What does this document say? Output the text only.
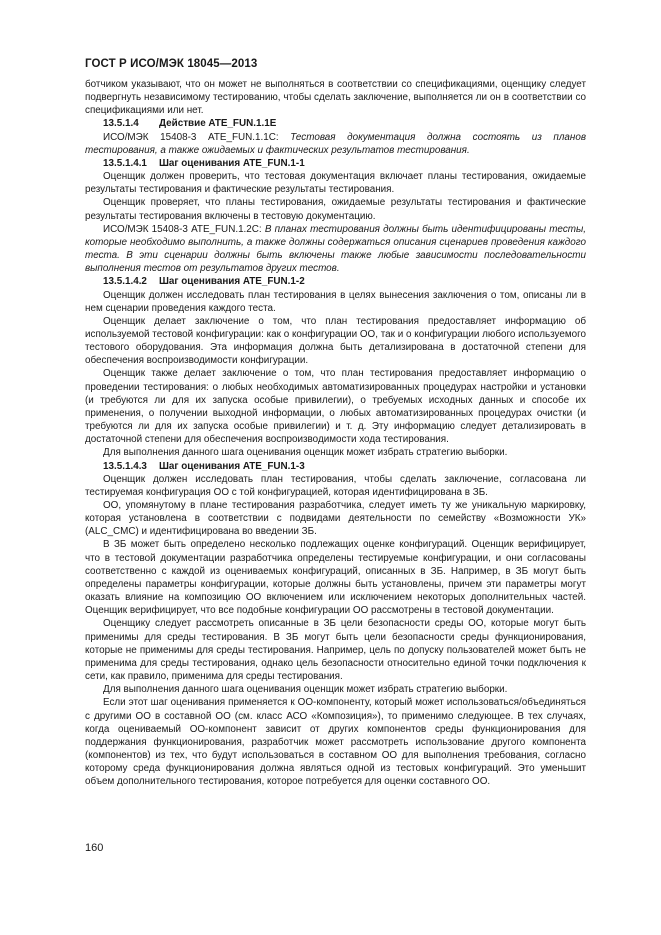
ГОСТ Р ИСО/МЭК 18045—2013

ботчиком указывают, что он может не выполняться в соответствии со спецификациями, оценщику следует подвергнуть независимому тестированию, чтобы сделать заключение, выполняется ли он в соответствии со спецификациями или нет.

13.5.1.4 Действие ATE_FUN.1.1E

ИСО/МЭК 15408-3 ATE_FUN.1.1C: Тестовая документация должна состоять из планов тестирования, а также ожидаемых и фактических результатов тестирования.

13.5.1.4.1 Шаг оценивания ATE_FUN.1-1

Оценщик должен проверить, что тестовая документация включает планы тестирования, ожидаемые результаты тестирования и фактические результаты тестирования.

Оценщик проверяет, что планы тестирования, ожидаемые результаты тестирования и фактические результаты тестирования включены в тестовую документацию.

ИСО/МЭК 15408-3 ATE_FUN.1.2C: В планах тестирования должны быть идентифицированы тесты, которые необходимо выполнить, а также должны содержаться описания сценариев проведения каждого теста. В эти сценарии должны быть включены также любые зависимости последовательности выполнения тестов от результатов других тестов.

13.5.1.4.2 Шаг оценивания ATE_FUN.1-2

Оценщик должен исследовать план тестирования в целях вынесения заключения о том, описаны ли в нем сценарии проведения каждого теста.

Оценщик делает заключение о том, что план тестирования предоставляет информацию об используемой тестовой конфигурации: как о конфигурации ОО, так и о конфигурации любого используемого тестового оборудования. Эта информация должна быть детализирована в достаточной степени для обеспечения воспроизводимости конфигурации.

Оценщик также делает заключение о том, что план тестирования предоставляет информацию о проведении тестирования: о любых необходимых автоматизированных процедурах настройки и установки (и требуются ли для их запуска особые привилегии), о требуемых исходных данных и способе их применения, о получении выходной информации, о любых автоматизированных процедурах очистки (и требуются ли для их запуска особые привилегии) и т. д. Эту информацию следует детализировать в достаточной степени для обеспечения воспроизводимости хода тестирования.

Для выполнения данного шага оценивания оценщик может избрать стратегию выборки.

13.5.1.4.3 Шаг оценивания ATE_FUN.1-3

Оценщик должен исследовать план тестирования, чтобы сделать заключение, согласована ли тестируемая конфигурация ОО с той конфигурацией, которая идентифицирована в ЗБ.

ОО, упомянутому в плане тестирования разработчика, следует иметь ту же уникальную маркировку, которая установлена в соответствии с подвидами деятельности по семейству «Возможности УК» (ALC_CMC) и идентифицирована во введении ЗБ.

В ЗБ может быть определено несколько подлежащих оценке конфигураций. Оценщик верифицирует, что в тестовой документации разработчика определены тестируемые конфигурации, и они согласованы соответственно с каждой из оцениваемых конфигураций, описанных в ЗБ. Например, в ЗБ могут быть определены параметры конфигурации, которые должны быть установлены, причем эти параметры могут оказать влияние на композицию ОО включением или исключением некоторых дополнительных частей. Оценщик верифицирует, что все подобные конфигурации ОО рассмотрены в тестовой документации.

Оценщику следует рассмотреть описанные в ЗБ цели безопасности среды ОО, которые могут быть применимы для среды тестирования. В ЗБ могут быть цели безопасности среды функционирования, которые не применимы для среды тестирования. Например, цель по допуску пользователей может быть не применима для среды тестирования, однако цель безопасности относительно единой точки подключения к сети, как правило, применима для среды тестирования.

Для выполнения данного шага оценивания оценщик может избрать стратегию выборки.

Если этот шаг оценивания применяется к ОО-компоненту, который может использоваться/объединяться с другими ОО в составной ОО (см. класс АСО «Композиция»), то применимо следующее. В тех случаях, когда оцениваемый ОО-компонент зависит от других компонентов среды функционирования для поддержания функционирования, разработчик может рассмотреть использование другого компонента (компонентов) из тех, что будут использоваться в составном ОО для выполнения требования, согласно которому среда функционирования должна являться одной из тестовых конфигураций. Это уменьшит объем дополнительного тестирования, которое потребуется для оценки составного ОО.

160
